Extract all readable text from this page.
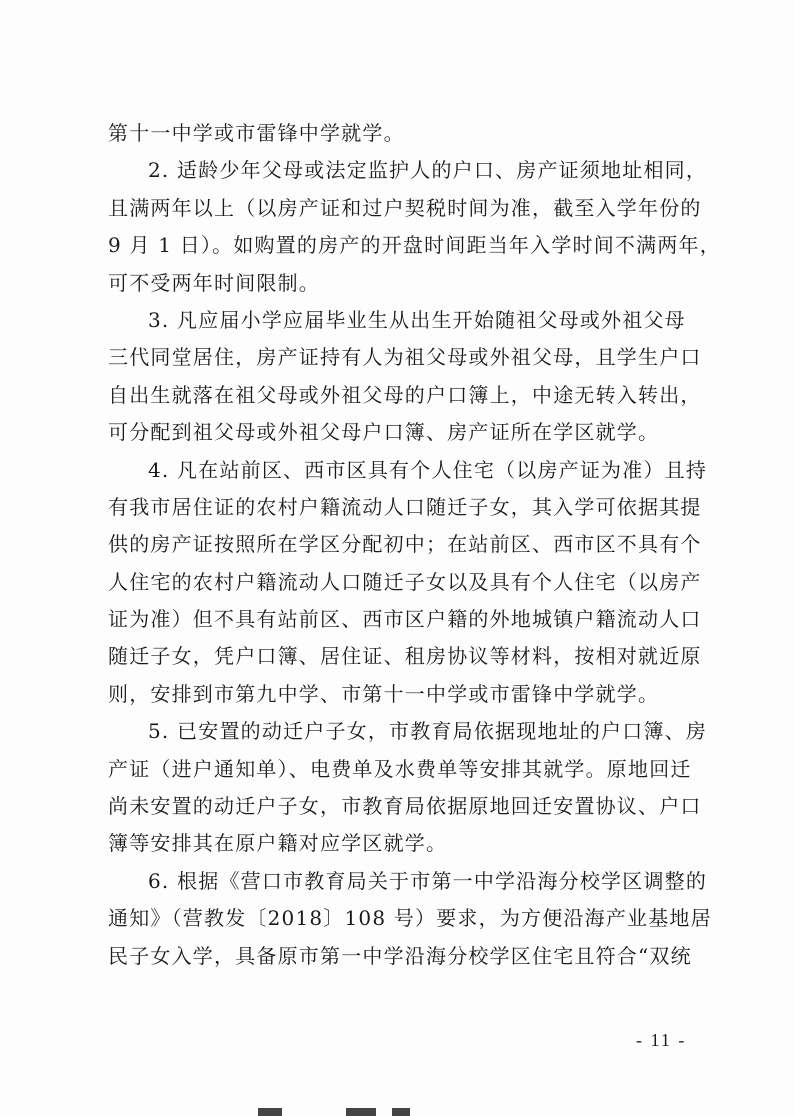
第十一中学或市雷锋中学就学。
2. 适龄少年父母或法定监护人的户口、房产证须地址相同，
且满两年以上（以房产证和过户契税时间为准，截至入学年份的
9 月 1 日）。如购置的房产的开盘时间距当年入学时间不满两年，
可不受两年时间限制。
3. 凡应届小学应届毕业生从出生开始随祖父母或外祖父母
三代同堂居住，房产证持有人为祖父母或外祖父母，且学生户口
自出生就落在祖父母或外祖父母的户口簿上，中途无转入转出，
可分配到祖父母或外祖父母户口簿、房产证所在学区就学。
4. 凡在站前区、西市区具有个人住宅（以房产证为准）且持
有我市居住证的农村户籍流动人口随迁子女，其入学可依据其提
供的房产证按照所在学区分配初中；在站前区、西市区不具有个
人住宅的农村户籍流动人口随迁子女以及具有个人住宅（以房产
证为准）但不具有站前区、西市区户籍的外地城镇户籍流动人口
随迁子女，凭户口簿、居住证、租房协议等材料，按相对就近原
则，安排到市第九中学、市第十一中学或市雷锋中学就学。
5. 已安置的动迁户子女，市教育局依据现地址的户口簿、房
产证（进户通知单）、电费单及水费单等安排其就学。原地回迁
尚未安置的动迁户子女，市教育局依据原地回迁安置协议、户口
簿等安排其在原户籍对应学区就学。
6. 根据《营口市教育局关于市第一中学沿海分校学区调整的
通知》（营教发〔2018〕108 号）要求，为方便沿海产业基地居
民子女入学，具备原市第一中学沿海分校学区住宅且符合“双统
- 11 -
